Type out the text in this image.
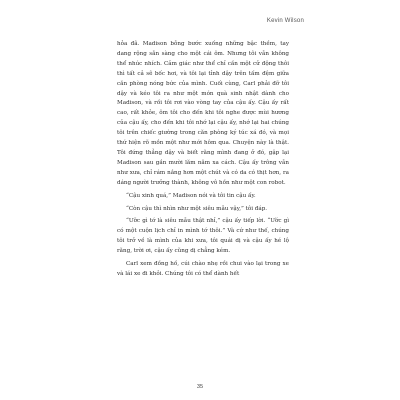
Kevin Wilson

hỏa đã. Madison bỗng bước xuống những bậc thềm, tay dang rộng sẵn sàng cho một cái ôm. Nhưng tôi vẫn không thể nhúc nhích. Cảm giác như thể chỉ cần một cử động thôi thì tất cả sẽ bốc hơi, và tôi lại tỉnh dậy trên tấm đệm giữa căn phòng nóng bức của mình. Cuối cùng, Carl phải đỡ tôi dậy và kéo tôi ra như một món quà sinh nhật dành cho Madison, và rồi tôi rơi vào vòng tay của cậu ấy. Cậu ấy rất cao, rất khỏe, ôm tôi cho đến khi tôi nghe được mùi hương của cậu ấy, cho đến khi tôi nhớ lại cậu ấy, nhớ lại hai chúng tôi trên chiếc giường trong căn phòng ký túc xá đó, và mọi thứ hiện rõ mồn một như mới hôm qua. Chuyện này là thật. Tôi đứng thẳng dậy và biết rằng mình đang ở đó, gặp lại Madison sau gần mười lăm năm xa cách. Cậu ấy trông vẫn như xưa, chỉ rám nắng hơn một chút và có da có thịt hơn, ra dáng người trưởng thành, không vô hồn như một con robot.

“Cậu xinh quá,” Madison nói và tôi tin cậu ấy.

“Còn cậu thì nhìn như một siêu mẫu vậy,” tôi đáp.

“Ước gì tớ là siêu mẫu thật nhỉ,” cậu ấy tiếp lời. “Ước gì có một cuộn lịch chỉ in mình tớ thôi.” Và cứ như thế, chúng tôi trở về là mình của khi xưa, tôi quái dị và cậu ấy hé lộ răng, trời ơi, cậu ấy cũng dị chẳng kém.

Carl xem đồng hồ, cúi chào nhẹ rồi chui vào lại trong xe và lái xe đi khỏi. Chúng tôi có thể dành hết

35
